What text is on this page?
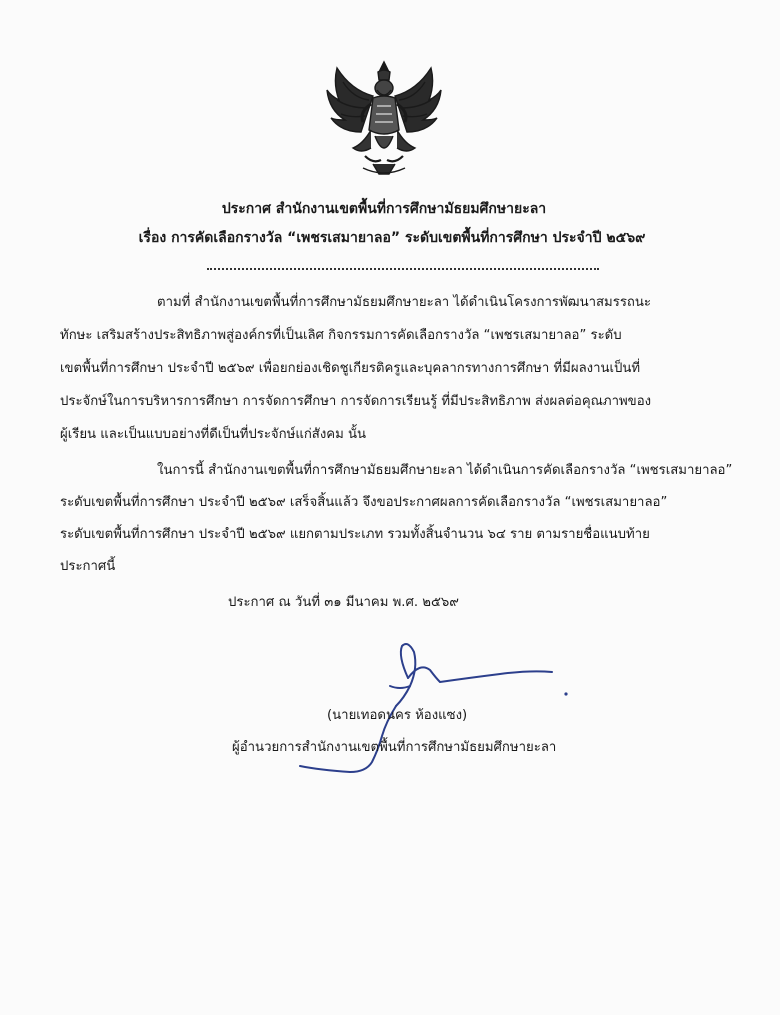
ประกาศ สำนักงานเขตพื้นที่การศึกษามัธยมศึกษายะลา
เรื่อง การคัดเลือกรางวัล “เพชรเสมายาลอ” ระดับเขตพื้นที่การศึกษา ประจำปี ๒๕๖๙
ตามที่ สำนักงานเขตพื้นที่การศึกษามัธยมศึกษายะลา ได้ดำเนินโครงการพัฒนาสมรรถนะ
ทักษะ เสริมสร้างประสิทธิภาพสู่องค์กรที่เป็นเลิศ กิจกรรมการคัดเลือกรางวัล “เพชรเสมายาลอ” ระดับ
เขตพื้นที่การศึกษา ประจำปี ๒๕๖๙ เพื่อยกย่องเชิดชูเกียรติครูและบุคลากรทางการศึกษา ที่มีผลงานเป็นที่
ประจักษ์ในการบริหารการศึกษา การจัดการศึกษา การจัดการเรียนรู้ ที่มีประสิทธิภาพ ส่งผลต่อคุณภาพของ
ผู้เรียน และเป็นแบบอย่างที่ดีเป็นที่ประจักษ์แก่สังคม นั้น
ในการนี้ สำนักงานเขตพื้นที่การศึกษามัธยมศึกษายะลา ได้ดำเนินการคัดเลือกรางวัล “เพชรเสมายาลอ”
ระดับเขตพื้นที่การศึกษา ประจำปี ๒๕๖๙ เสร็จสิ้นแล้ว จึงขอประกาศผลการคัดเลือกรางวัล “เพชรเสมายาลอ”
ระดับเขตพื้นที่การศึกษา ประจำปี ๒๕๖๙ แยกตามประเภท รวมทั้งสิ้นจำนวน ๖๔ ราย ตามรายชื่อแนบท้าย
ประกาศนี้
ประกาศ ณ วันที่ ๓๑ มีนาคม พ.ศ. ๒๕๖๙
(นายเทอดนคร ห้องแซง)
ผู้อำนวยการสำนักงานเขตพื้นที่การศึกษามัธยมศึกษายะลา
